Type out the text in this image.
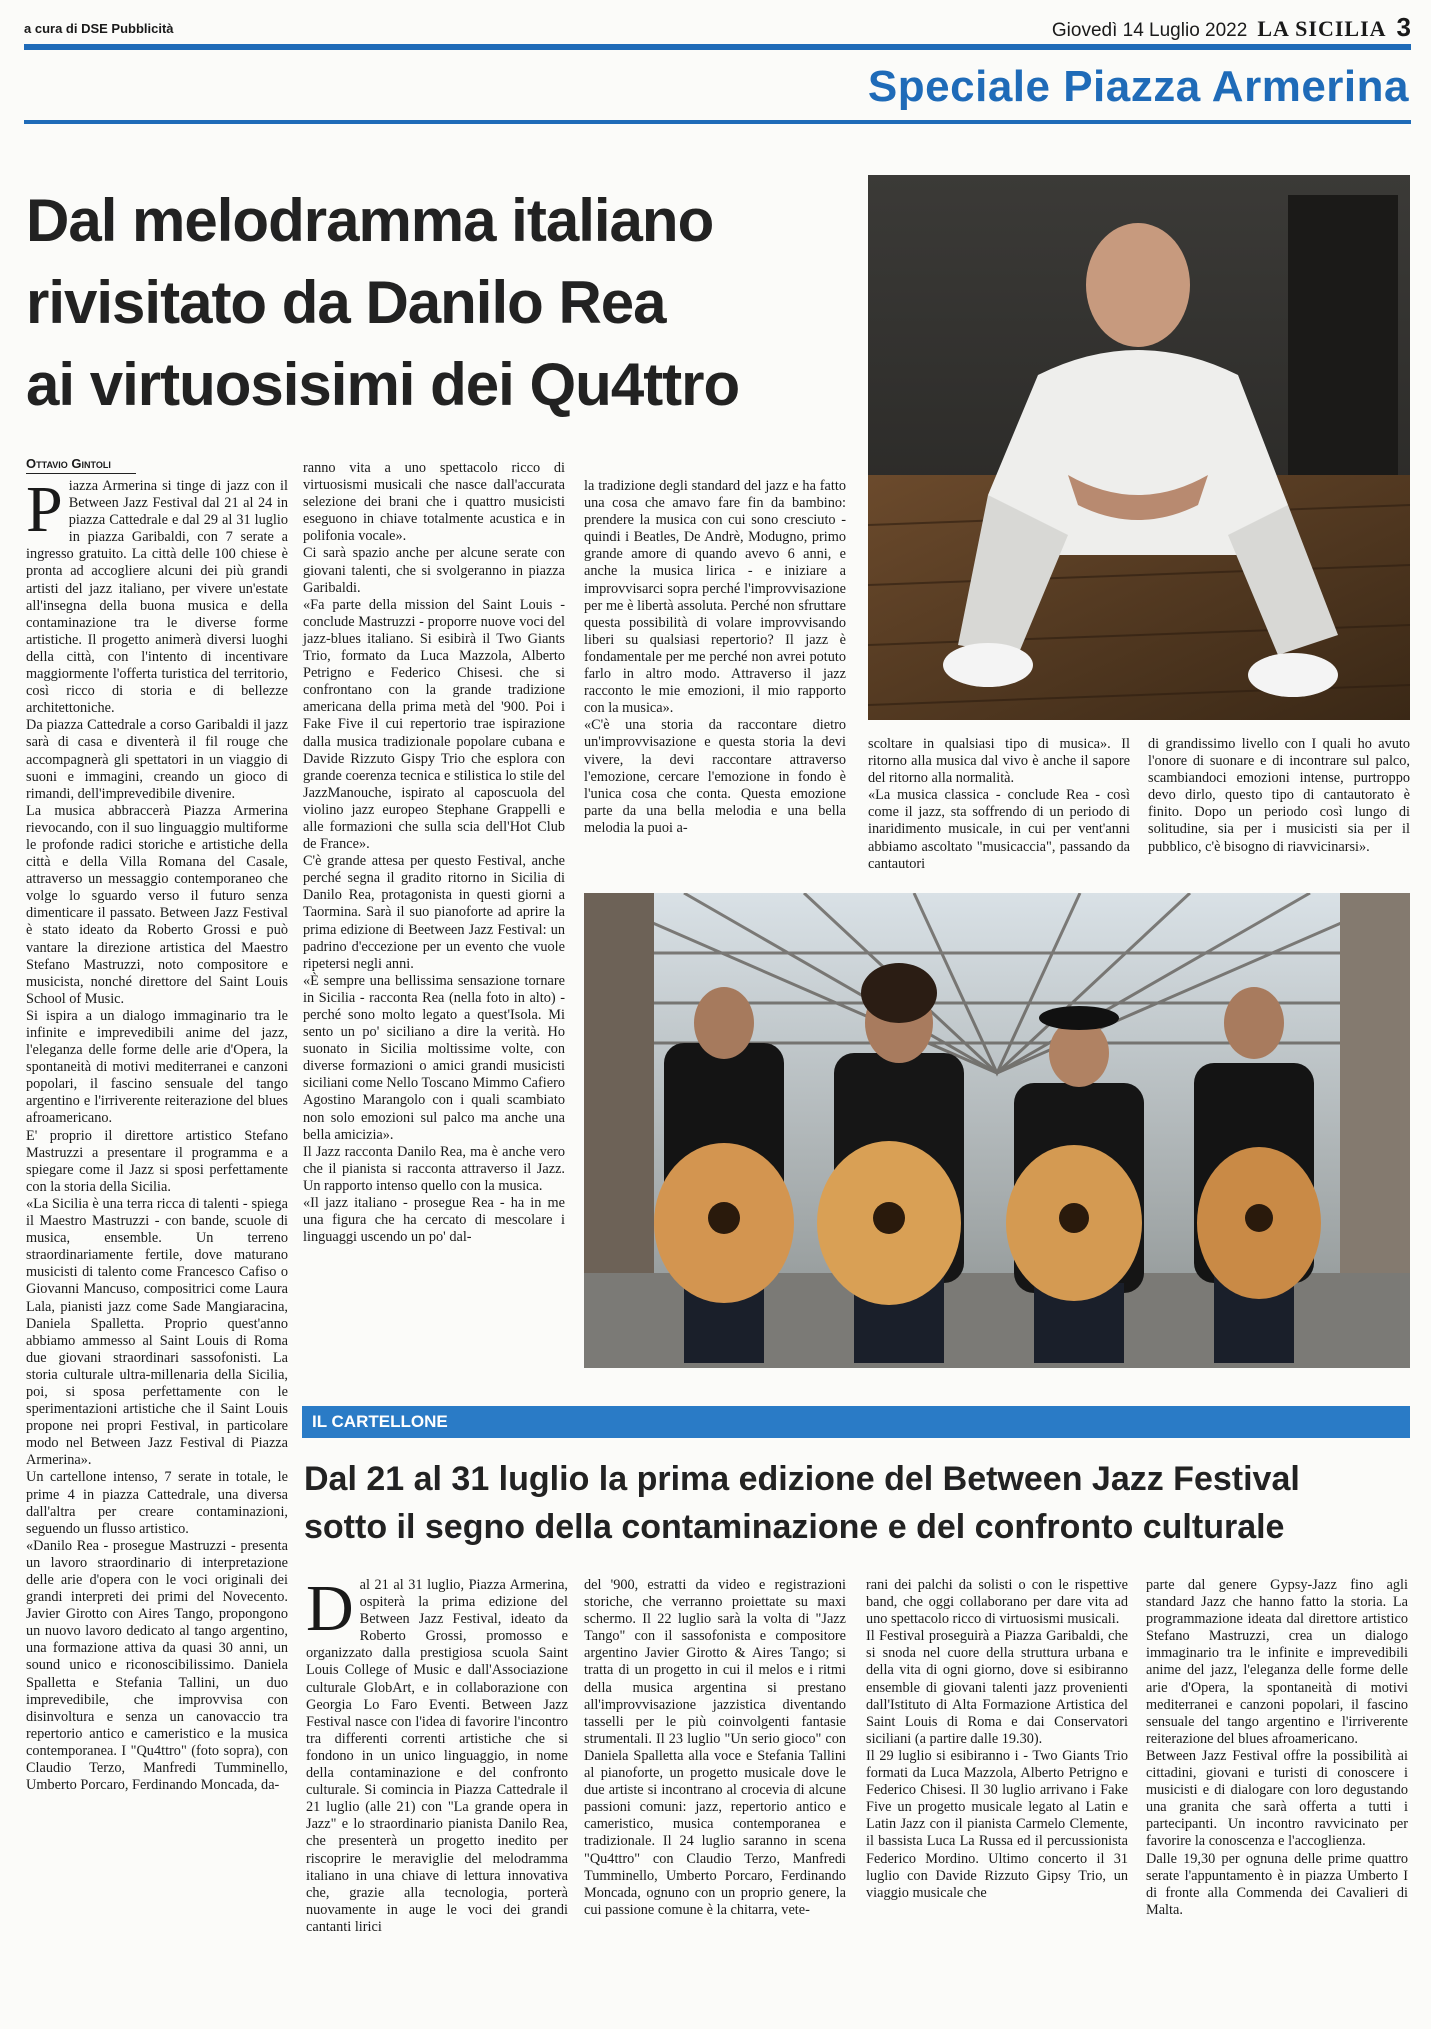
a cura di DSE Pubblicità	Giovedì 14 Luglio 2022 LA SICILIA 3
Speciale Piazza Armerina
Dal melodramma italiano
rivisitato da Danilo Rea
ai virtuosisimi dei Qu4ttro
Ottavio Gintoli

Piazza Armerina si tinge di jazz con il Between Jazz Festival dal 21 al 24 in piazza Cattedrale e dal 29 al 31 luglio in piazza Garibaldi, con 7 serate a ingresso gratuito. La città delle 100 chiese è pronta ad accogliere alcuni dei più grandi artisti del jazz italiano, per vivere un'estate all'insegna della buona musica e della contaminazione tra le diverse forme artistiche. Il progetto animerà diversi luoghi della città, con l'intento di incentivare maggiormente l'offerta turistica del territorio, così ricco di storia e di bellezze architettoniche.

Da piazza Cattedrale a corso Garibaldi il jazz sarà di casa e diventerà il fil rouge che accompagnerà gli spettatori in un viaggio di suoni e immagini, creando un gioco di rimandi, dell'imprevedibile divenire.

La musica abbraccerà Piazza Armerina rievocando, con il suo linguaggio multiforme le profonde radici storiche e artistiche della città e della Villa Romana del Casale, attraverso un messaggio contemporaneo che volge lo sguardo verso il futuro senza dimenticare il passato. Between Jazz Festival è stato ideato da Roberto Grossi e può vantare la direzione artistica del Maestro Stefano Mastruzzi, noto compositore e musicista, nonché direttore del Saint Louis School of Music.

Si ispira a un dialogo immaginario tra le infinite e imprevedibili anime del jazz, l'eleganza delle forme delle arie d'Opera, la spontaneità di motivi mediterranei e canzoni popolari, il fascino sensuale del tango argentino e l'irriverente reiterazione del blues afroamericano.

E' proprio il direttore artistico Stefano Mastruzzi a presentare il programma e a spiegare come il Jazz si sposi perfettamente con la storia della Sicilia.

«La Sicilia è una terra ricca di talenti - spiega il Maestro Mastruzzi - con bande, scuole di musica, ensemble. Un terreno straordinariamente fertile, dove maturano musicisti di talento come Francesco Cafiso o Giovanni Mancuso, compositrici come Laura Lala, pianisti jazz come Sade Mangiaracina, Daniela Spalletta. Proprio quest'anno abbiamo ammesso al Saint Louis di Roma due giovani straordinari sassofonisti. La storia culturale ultra-millenaria della Sicilia, poi, si sposa perfettamente con le sperimentazioni artistiche che il Saint Louis propone nei propri Festival, in particolare modo nel Between Jazz Festival di Piazza Armerina».

Un cartellone intenso, 7 serate in totale, le prime 4 in piazza Cattedrale, una diversa dall'altra per creare contaminazioni, seguendo un flusso artistico.

«Danilo Rea - prosegue Mastruzzi - presenta un lavoro straordinario di interpretazione delle arie d'opera con le voci originali dei grandi interpreti dei primi del Novecento. Javier Girotto con Aires Tango, propongono un nuovo lavoro dedicato al tango argentino, una formazione attiva da quasi 30 anni, un sound unico e riconoscibilissimo. Daniela Spalletta e Stefania Tallini, un duo imprevedibile, che improvvisa con disinvoltura e senza un canovaccio tra repertorio antico e cameristico e la musica contemporanea. I "Qu4ttro" (foto sopra), con Claudio Terzo, Manfredi Tumminello, Umberto Porcaro, Ferdinando Moncada, da-

ranno vita a uno spettacolo ricco di virtuosismi musicali che nasce dall'accurata selezione dei brani che i quattro musicisti eseguono in chiave totalmente acustica e in polifonia vocale».

Ci sarà spazio anche per alcune serate con giovani talenti, che si svolgeranno in piazza Garibaldi.

«Fa parte della mission del Saint Louis - conclude Mastruzzi - proporre nuove voci del jazz-blues italiano. Si esibirà il Two Giants Trio, formato da Luca Mazzola, Alberto Petrigno e Federico Chisesi. che si confrontano con la grande tradizione americana della prima metà del '900. Poi i Fake Five il cui repertorio trae ispirazione dalla musica tradizionale popolare cubana e Davide Rizzuto Gispy Trio che esplora con grande coerenza tecnica e stilistica lo stile del JazzManouche, ispirato al caposcuola del violino jazz europeo Stephane Grappelli e alle formazioni che sulla scia dell'Hot Club de France».

C'è grande attesa per questo Festival, anche perché segna il gradito ritorno in Sicilia di Danilo Rea, protagonista in questi giorni a Taormina. Sarà il suo pianoforte ad aprire la prima edizione di Beetween Jazz Festival: un padrino d'eccezione per un evento che vuole ripetersi negli anni.

«È sempre una bellissima sensazione tornare in Sicilia - racconta Rea (nella foto in alto) - perché sono molto legato a quest'Isola. Mi sento un po' siciliano a dire la verità. Ho suonato in Sicilia moltissime volte, con diverse formazioni o amici grandi musicisti siciliani come Nello Toscano Mimmo Cafiero Agostino Marangolo con i quali scambiato non solo emozioni sul palco ma anche una bella amicizia».

Il Jazz racconta Danilo Rea, ma è anche vero che il pianista si racconta attraverso il Jazz. Un rapporto intenso quello con la musica.

«Il jazz italiano - prosegue Rea - ha in me una figura che ha cercato di mescolare i linguaggi uscendo un po' dal-

la tradizione degli standard del jazz e ha fatto una cosa che amavo fare fin da bambino: prendere la musica con cui sono cresciuto - quindi i Beatles, De Andrè, Modugno, primo grande amore di quando avevo 6 anni, e anche la musica lirica - e iniziare a improvvisarci sopra perché l'improvvisazione per me è libertà assoluta. Perché non sfruttare questa possibilità di volare improvvisando liberi su qualsiasi repertorio? Il jazz è fondamentale per me perché non avrei potuto farlo in altro modo. Attraverso il jazz racconto le mie emozioni, il mio rapporto con la musica».

«C'è una storia da raccontare dietro un'improvvisazione e questa storia la devi vivere, la devi raccontare attraverso l'emozione, cercare l'emozione in fondo è l'unica cosa che conta. Questa emozione parte da una bella melodia e una bella melodia la puoi a-

scoltare in qualsiasi tipo di musica». Il ritorno alla musica dal vivo è anche il sapore del ritorno alla normalità.

«La musica classica - conclude Rea - così come il jazz, sta soffrendo di un periodo di inaridimento musicale, in cui per vent'anni abbiamo ascoltato "musicaccia", passando da cantautori

di grandissimo livello con I quali ho avuto l'onore di suonare e di incontrare sul palco, scambiandoci emozioni intense, purtroppo devo dirlo, questo tipo di cantautorato è finito. Dopo un periodo così lungo di solitudine, sia per i musicisti sia per il pubblico, c'è bisogno di riavvicinarsi».

IL CARTELLONE
Dal 21 al 31 luglio la prima edizione del Between Jazz Festival
sotto il segno della contaminazione e del confronto culturale

Dal 21 al 31 luglio, Piazza Armerina, ospiterà la prima edizione del Between Jazz Festival, ideato da Roberto Grossi, promosso e organizzato dalla prestigiosa scuola Saint Louis College of Music e dall'Associazione culturale GlobArt, e in collaborazione con Georgia Lo Faro Eventi. Between Jazz Festival nasce con l'idea di favorire l'incontro tra differenti correnti artistiche che si fondono in un unico linguaggio, in nome della contaminazione e del confronto culturale. Si comincia in Piazza Cattedrale il 21 luglio (alle 21) con "La grande opera in Jazz" e lo straordinario pianista Danilo Rea, che presenterà un progetto inedito per riscoprire le meraviglie del melodramma italiano in una chiave di lettura innovativa che, grazie alla tecnologia, porterà nuovamente in auge le voci dei grandi cantanti lirici

del '900, estratti da video e registrazioni storiche, che verranno proiettate su maxi schermo. Il 22 luglio sarà la volta di "Jazz Tango" con il sassofonista e compositore argentino Javier Girotto & Aires Tango; si tratta di un progetto in cui il melos e i ritmi della musica argentina si prestano all'improvvisazione jazzistica diventando tasselli per le più coinvolgenti fantasie strumentali. Il 23 luglio "Un serio gioco" con Daniela Spalletta alla voce e Stefania Tallini al pianoforte, un progetto musicale dove le due artiste si incontrano al crocevia di alcune passioni comuni: jazz, repertorio antico e cameristico, musica contemporanea e tradizionale. Il 24 luglio saranno in scena "Qu4ttro" con Claudio Terzo, Manfredi Tumminello, Umberto Porcaro, Ferdinando Moncada, ognuno con un proprio genere, la cui passione comune è la chitarra, vete-

rani dei palchi da solisti o con le rispettive band, che oggi collaborano per dare vita ad uno spettacolo ricco di virtuosismi musicali.

Il Festival proseguirà a Piazza Garibaldi, che si snoda nel cuore della struttura urbana e della vita di ogni giorno, dove si esibiranno ensemble di giovani talenti jazz provenienti dall'Istituto di Alta Formazione Artistica del Saint Louis di Roma e dai Conservatori siciliani (a partire dalle 19.30).

Il 29 luglio si esibiranno i - Two Giants Trio formati da Luca Mazzola, Alberto Petrigno e Federico Chisesi. Il 30 luglio arrivano i Fake Five un progetto musicale legato al Latin e Latin Jazz con il pianista Carmelo Clemente, il bassista Luca La Russa ed il percussionista Federico Mordino. Ultimo concerto il 31 luglio con Davide Rizzuto Gipsy Trio, un viaggio musicale che

parte dal genere Gypsy-Jazz fino agli standard Jazz che hanno fatto la storia. La programmazione ideata dal direttore artistico Stefano Mastruzzi, crea un dialogo immaginario tra le infinite e imprevedibili anime del jazz, l'eleganza delle forme delle arie d'Opera, la spontaneità di motivi mediterranei e canzoni popolari, il fascino sensuale del tango argentino e l'irriverente reiterazione del blues afroamericano.

Between Jazz Festival offre la possibilità ai cittadini, giovani e turisti di conoscere i musicisti e di dialogare con loro degustando una granita che sarà offerta a tutti i partecipanti. Un incontro ravvicinato per favorire la conoscenza e l'accoglienza.

Dalle 19,30 per ognuna delle prime quattro serate l'appuntamento è in piazza Umberto I di fronte alla Commenda dei Cavalieri di Malta.
